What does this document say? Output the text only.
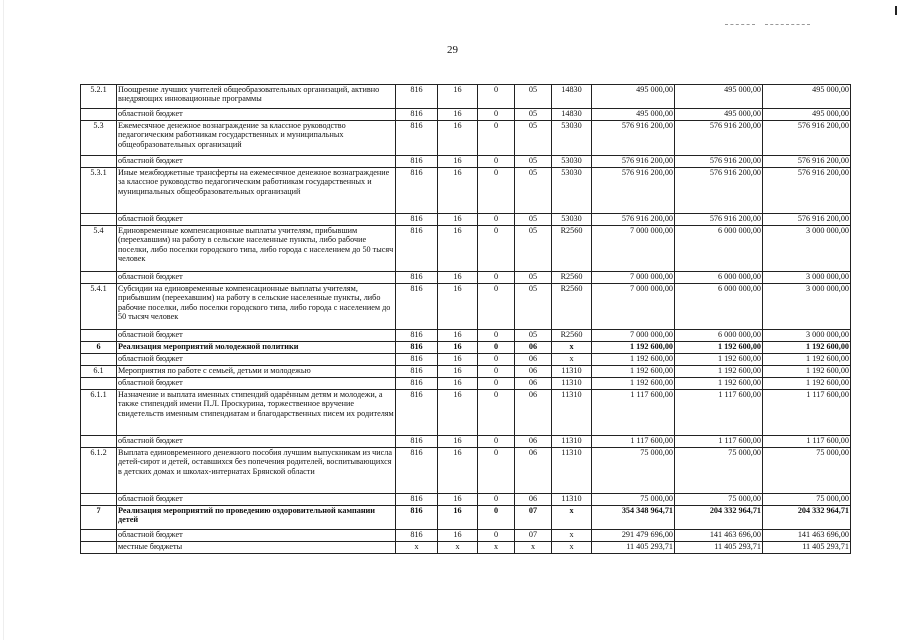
29
5.2.1	Поощрение лучших учителей общеобразовательных организаций, активно внедряющих инновационные программы	816	16	0	05	14830	495 000,00	495 000,00	495 000,00
	областной бюджет	816	16	0	05	14830	495 000,00	495 000,00	495 000,00
5.3	Ежемесячное денежное вознаграждение за классное руководство педагогическим работникам государственных и муниципальных общеобразовательных организаций	816	16	0	05	53030	576 916 200,00	576 916 200,00	576 916 200,00
	областной бюджет	816	16	0	05	53030	576 916 200,00	576 916 200,00	576 916 200,00
5.3.1	Иные межбюджетные трансферты на ежемесячное денежное вознаграждение за классное руководство педагогическим работникам государственных и муниципальных общеобразовательных организаций	816	16	0	05	53030	576 916 200,00	576 916 200,00	576 916 200,00
	областной бюджет	816	16	0	05	53030	576 916 200,00	576 916 200,00	576 916 200,00
5.4	Единовременные компенсационные выплаты учителям, прибывшим (переехавшим) на работу в сельские населенные пункты, либо рабочие поселки, либо поселки городского типа, либо города с населением до 50 тысяч человек	816	16	0	05	R2560	7 000 000,00	6 000 000,00	3 000 000,00
	областной бюджет	816	16	0	05	R2560	7 000 000,00	6 000 000,00	3 000 000,00
5.4.1	Субсидии на единовременные компенсационные выплаты учителям, прибывшим (переехавшим) на работу в сельские населенные пункты, либо рабочие поселки, либо поселки городского типа, либо города с населением до 50 тысяч человек	816	16	0	05	R2560	7 000 000,00	6 000 000,00	3 000 000,00
	областной бюджет	816	16	0	05	R2560	7 000 000,00	6 000 000,00	3 000 000,00
6	Реализация мероприятий молодежной политики	816	16	0	06	x	1 192 600,00	1 192 600,00	1 192 600,00
	областной бюджет	816	16	0	06	x	1 192 600,00	1 192 600,00	1 192 600,00
6.1	Мероприятия по работе с семьей, детьми и молодежью	816	16	0	06	11310	1 192 600,00	1 192 600,00	1 192 600,00
	областной бюджет	816	16	0	06	11310	1 192 600,00	1 192 600,00	1 192 600,00
6.1.1	Назначение и выплата именных стипендий одарённым детям и молодежи, а также стипендий имени П.Л. Проскурина, торжественное вручение свидетельств именным стипендиатам и благодарственных писем их родителям	816	16	0	06	11310	1 117 600,00	1 117 600,00	1 117 600,00
	областной бюджет	816	16	0	06	11310	1 117 600,00	1 117 600,00	1 117 600,00
6.1.2	Выплата единовременного денежного пособия лучшим выпускникам из числа детей-сирот и детей, оставшихся без попечения родителей, воспитывающихся в детских домах и школах-интернатах Брянской области	816	16	0	06	11310	75 000,00	75 000,00	75 000,00
	областной бюджет	816	16	0	06	11310	75 000,00	75 000,00	75 000,00
7	Реализация мероприятий по проведению оздоровительной кампании детей	816	16	0	07	x	354 348 964,71	204 332 964,71	204 332 964,71
	областной бюджет	816	16	0	07	x	291 479 696,00	141 463 696,00	141 463 696,00
	местные бюджеты	x	x	x	x	x	11 405 293,71	11 405 293,71	11 405 293,71
